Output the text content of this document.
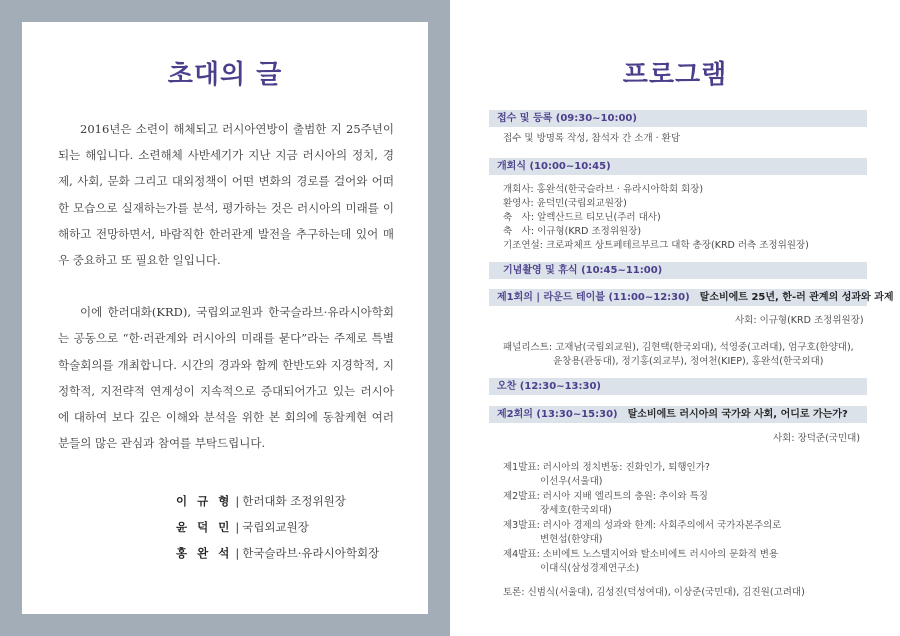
초대의 글

2016년은 소련이 해체되고 러시아연방이 출범한 지 25주년이 되는 해입니다. 소련해체 사반세기가 지난 지금 러시아의 정치, 경제, 사회, 문화 그리고 대외정책이 어떤 변화의 경로를 걸어와 어떠한 모습으로 실재하는가를 분석, 평가하는 것은 러시아의 미래를 이해하고 전망하면서, 바람직한 한러관계 발전을 추구하는데 있어 매우 중요하고 또 필요한 일입니다.

이에 한러대화(KRD), 국립외교원과 한국슬라브·유라시아학회는 공동으로 “한·러관계와 러시아의 미래를 묻다”라는 주제로 특별 학술회의를 개최합니다. 시간의 경과와 함께 한반도와 지경학적, 지정학적, 지전략적 연계성이 지속적으로 증대되어가고 있는 러시아에 대하여 보다 깊은 이해와 분석을 위한 본 회의에 동참케현 여러분들의 많은 관심과 참여를 부탁드립니다.

이 규 형 | 한러대화 조정위원장
윤 덕 민 | 국립외교원장
홍 완 석 | 한국슬라브·유라시아학회장
프로그램
접수 및 등록 (09:30~10:00)
접수 및 방명록 작성, 참석자 간 소개 · 환담
개회식 (10:00~10:45)
개회사: 홍완석(한국슬라브 · 유라시아학회 회장)
환영사: 윤덕민(국립외교원장)
축　사: 알렉산드르 티모닌(주러 대사)
축　사: 이규형(KRD 조정위원장)
기조연설: 크로파체프 상트페테르부르그 대학 총장(KRD 러측 조정위원장)
기념촬영 및 휴식 (10:45~11:00)
제1회의 | 라운드 테이블 (11:00~12:30) 탈소비에트 25년, 한-러 관계의 성과와 과제
사회: 이규형(KRD 조정위원장)
패널리스트: 고재남(국립외교원), 김현택(한국외대), 석영중(고려대), 엄구호(한양대),
윤창용(관동대), 정기홍(외교부), 정여천(KIEP), 홍완석(한국외대)
오찬 (12:30~13:30)
제2회의 (13:30~15:30) 탈소비에트 러시아의 국가와 사회, 어디로 가는가?
사회: 장덕준(국민대)
제1발표: 러시아의 정치변동: 진화인가, 퇴행인가?
이선우(서울대)
제2발표: 러시아 지배 엘리트의 충원: 추이와 특징
장세호(한국외대)
제3발표: 러시아 경제의 성과와 한계: 사회주의에서 국가자본주의로
변현섭(한양대)
제4발표: 소비에트 노스텔지어와 탈소비에트 러시아의 문화적 변용
이대식(삼성경제연구소)
토론: 신범식(서울대), 김성진(덕성여대), 이상준(국민대), 김진원(고려대)
